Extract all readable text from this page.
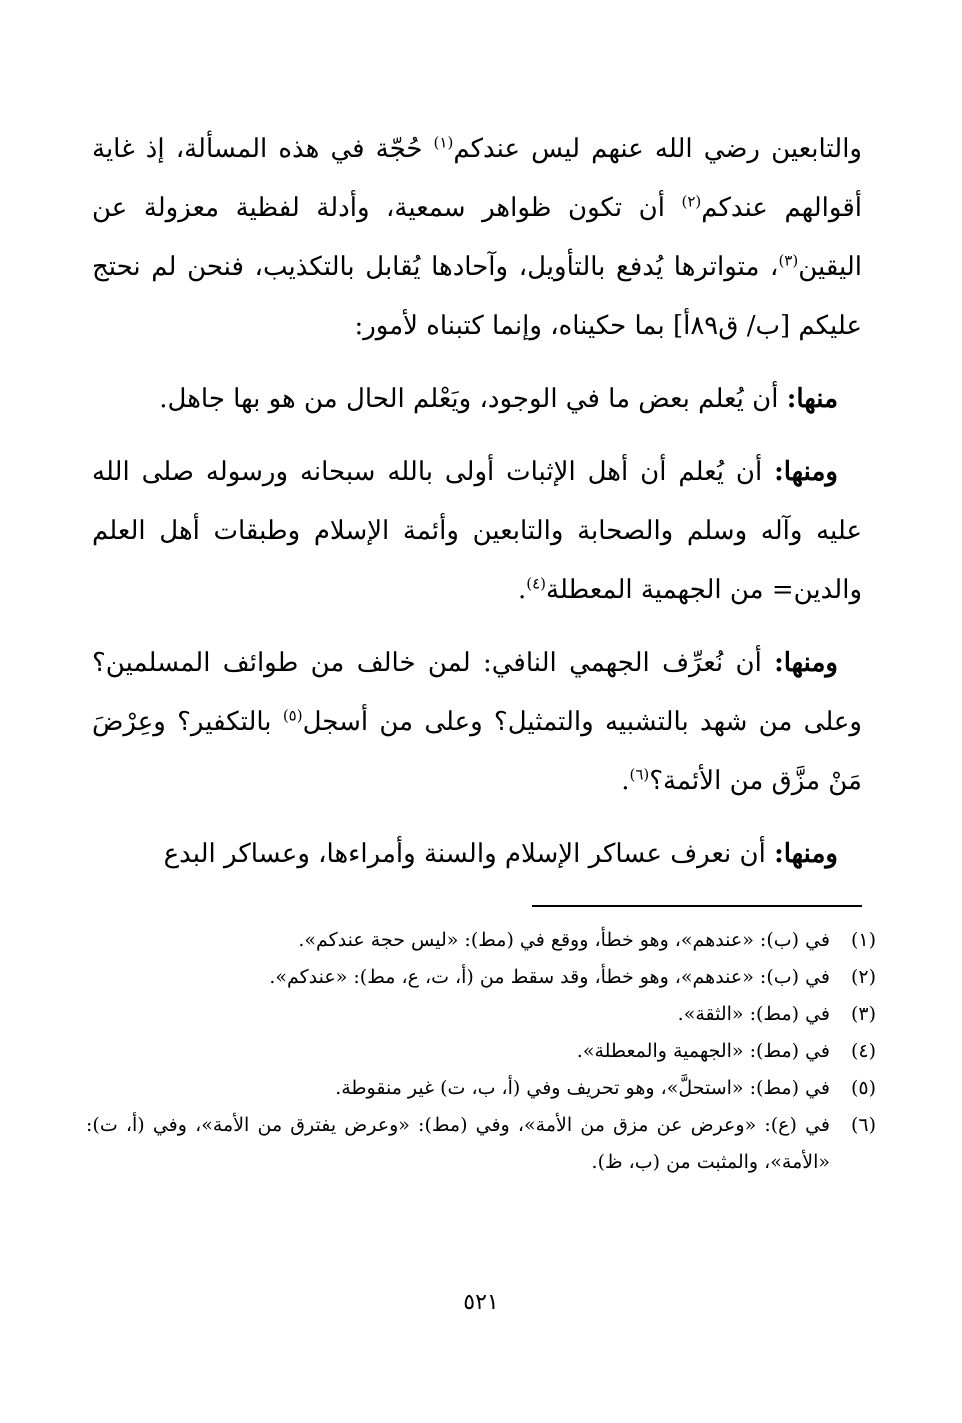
والتابعين رضي الله عنهم ليس عندكم$^{(١)}$ حُجّة في هذه المسألة، إذ غاية أقوالهم عندكم$^{(٢)}$ أن تكون ظواهر سمعية، وأدلة لفظية معزولة عن اليقين$^{(٣)}$، متواترها يُدفع بالتأويل، وآحادها يُقابل بالتكذيب، فنحن لم نحتج عليكم [ب/ ق٨٩أ] بما حكيناه، وإنما كتبناه لأمور:

منها: أن يُعلم بعض ما في الوجود، ويَعْلم الحال من هو بها جاهل.

ومنها: أن يُعلم أن أهل الإثبات أولى بالله سبحانه ورسوله صلى الله عليه وآله وسلم والصحابة والتابعين وأئمة الإسلام وطبقات أهل العلم والدين= من الجهمية المعطلة$^{(٤)}$.

ومنها: أن نُعرِّف الجهمي النافي: لمن خالف من طوائف المسلمين؟ وعلى من شهد بالتشبيه والتمثيل؟ وعلى من أسجل$^{(٥)}$ بالتكفير؟ وعِرْضَ مَنْ مزَّق من الأئمة؟$^{(٦)}$.

ومنها: أن نعرف عساكر الإسلام والسنة وأمراءها، وعساكر البدع

(١)
في (ب): «عندهم»، وهو خطأ، ووقع في (مط): «ليس حجة عندكم».
(٢)
في (ب): «عندهم»، وهو خطأ، وقد سقط من (أ، ت، ع، مط): «عندكم».
(٣)
في (مط): «الثقة».
(٤)
في (مط): «الجهمية والمعطلة».
(٥)
في (مط): «استحلَّ»، وهو تحريف وفي (أ، ب، ت) غير منقوطة.
(٦)
في (ع): «وعرض عن مزق من الأمة»، وفي (مط): «وعرض يفترق من الأمة»، وفي (أ، ت): «الأمة»، والمثبت من (ب، ظ).
٥٢١
